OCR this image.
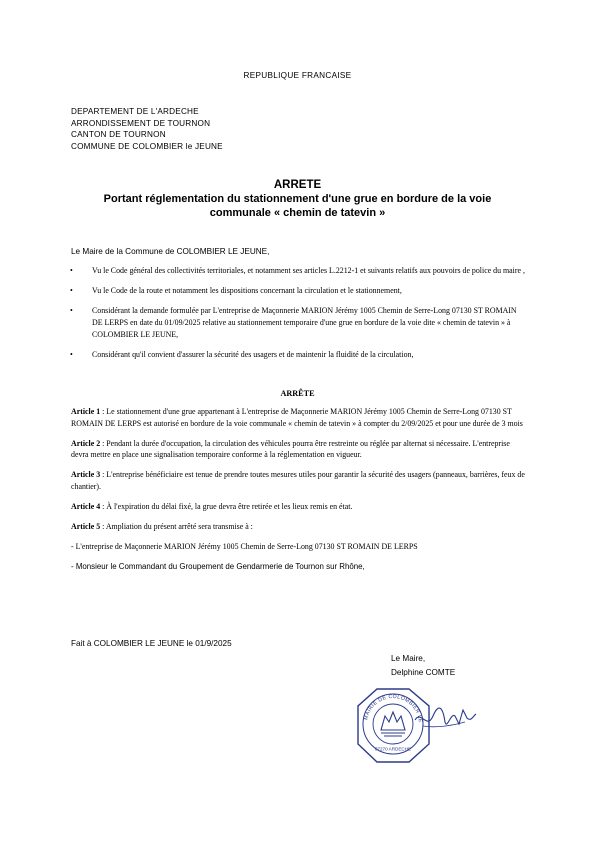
REPUBLIQUE FRANCAISE
DEPARTEMENT DE L'ARDECHE
ARRONDISSEMENT DE TOURNON
CANTON DE TOURNON
COMMUNE DE COLOMBIER le JEUNE
ARRETE
Portant réglementation du stationnement d'une grue en bordure de la voie
communale « chemin de tatevin »
Le Maire de la Commune de COLOMBIER LE JEUNE,
• Vu le Code général des collectivités territoriales, et notamment ses articles L.2212-1 et suivants relatifs aux pouvoirs de police du maire ,
• Vu le Code de la route et notamment les dispositions concernant la circulation et le stationnement,
• Considérant la demande formulée par L'entreprise de Maçonnerie MARION Jérémy 1005 Chemin de Serre-Long 07130 ST ROMAIN DE LERPS en date du 01/09/2025 relative au stationnement temporaire d'une grue en bordure de la voie dite « chemin de tatevin » à COLOMBIER LE JEUNE,
• Considérant qu'il convient d'assurer la sécurité des usagers et de maintenir la fluidité de la circulation,
ARRÊTE

Article 1 : Le stationnement d'une grue appartenant à L'entreprise de Maçonnerie MARION Jérémy 1005 Chemin de Serre-Long 07130 ST ROMAIN DE LERPS est autorisé en bordure de la voie communale « chemin de tatevin » à compter du 2/09/2025 et pour une durée de 3 mois

Article 2 : Pendant la durée d'occupation, la circulation des véhicules pourra être restreinte ou réglée par alternat si nécessaire. L'entreprise devra mettre en place une signalisation temporaire conforme à la réglementation en vigueur.

Article 3 : L'entreprise bénéficiaire est tenue de prendre toutes mesures utiles pour garantir la sécurité des usagers (panneaux, barrières, feux de chantier).

Article 4 : À l'expiration du délai fixé, la grue devra être retirée et les lieux remis en état.

Article 5 : Ampliation du présent arrêté sera transmise à :

- L'entreprise de Maçonnerie MARION Jérémy 1005 Chemin de Serre-Long 07130 ST ROMAIN DE LERPS

- Monsieur le Commandant du Groupement de Gendarmerie de Tournon sur Rhône,

Fait à COLOMBIER LE JEUNE le 01/9/2025
Le Maire,
Delphine COMTE
MAIRIE DE COLOMBIER LE
07270 ARDECHE
